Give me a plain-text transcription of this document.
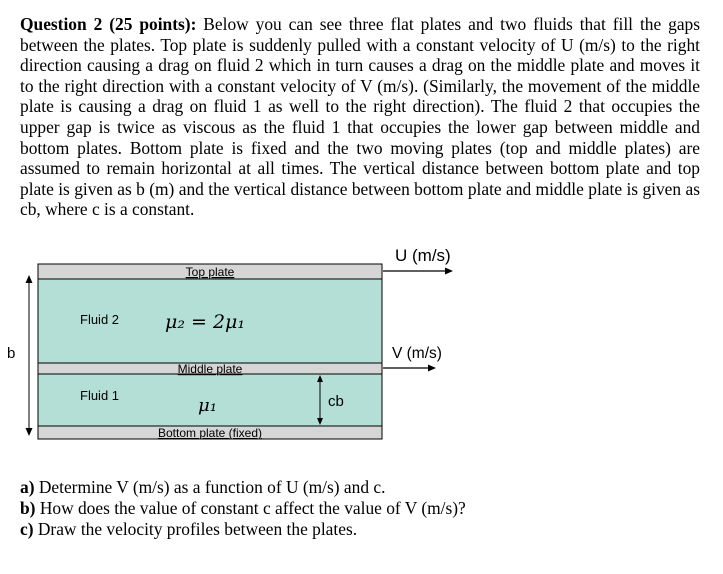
Question 2 (25 points): Below you can see three flat plates and two fluids that fill the gaps between the plates. Top plate is suddenly pulled with a constant velocity of U (m/s) to the right direction causing a drag on fluid 2 which in turn causes a drag on the middle plate and moves it to the right direction with a constant velocity of V (m/s). (Similarly, the movement of the middle plate is causing a drag on fluid 1 as well to the right direction). The fluid 2 that occupies the upper gap is twice as viscous as the fluid 1 that occupies the lower gap between middle and bottom plates. Bottom plate is fixed and the two moving plates (top and middle plates) are assumed to remain horizontal at all times. The vertical distance between bottom plate and top plate is given as b (m) and the vertical distance between bottom plate and middle plate is given as cb, where c is a constant.

Top plate
Middle plate
Bottom plate (fixed)
Fluid 2
Fluid 1
μ₂ = 2μ₁
μ₁
b
cb
U (m/s)
V (m/s)
a) Determine V (m/s) as a function of U (m/s) and c.
b) How does the value of constant c affect the value of V (m/s)?
c) Draw the velocity profiles between the plates.
